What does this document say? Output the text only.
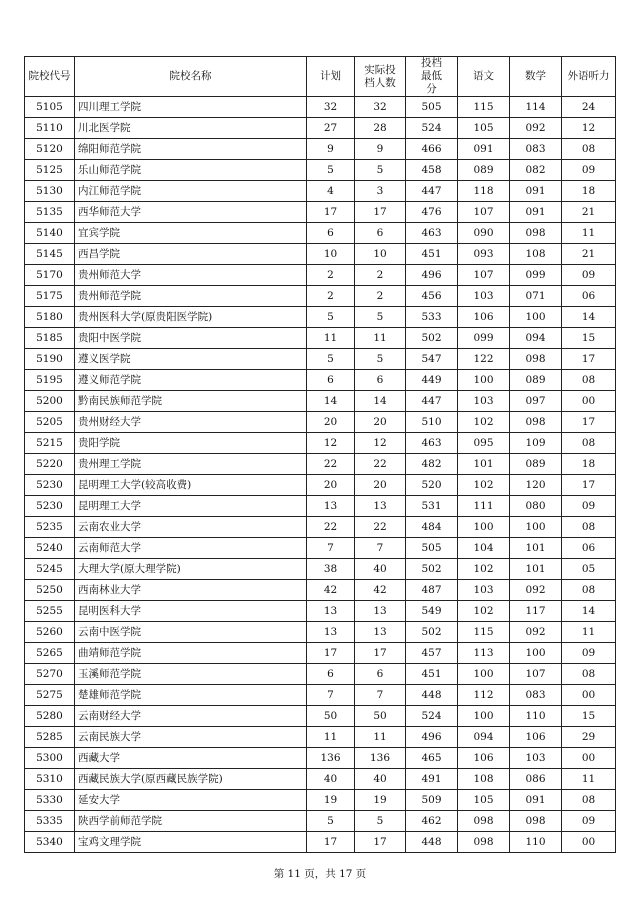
院校代号	院校名称	计划	实际投档人数	投档最低分	语文	数学	外语听力
5105	四川理工学院	32	32	505	115	114	24
5110	川北医学院	27	28	524	105	092	12
5120	绵阳师范学院	9	9	466	091	083	08
5125	乐山师范学院	5	5	458	089	082	09
5130	内江师范学院	4	3	447	118	091	18
5135	西华师范大学	17	17	476	107	091	21
5140	宜宾学院	6	6	463	090	098	11
5145	西昌学院	10	10	451	093	108	21
5170	贵州师范大学	2	2	496	107	099	09
5175	贵州师范学院	2	2	456	103	071	06
5180	贵州医科大学(原贵阳医学院)	5	5	533	106	100	14
5185	贵阳中医学院	11	11	502	099	094	15
5190	遵义医学院	5	5	547	122	098	17
5195	遵义师范学院	6	6	449	100	089	08
5200	黔南民族师范学院	14	14	447	103	097	00
5205	贵州财经大学	20	20	510	102	098	17
5215	贵阳学院	12	12	463	095	109	08
5220	贵州理工学院	22	22	482	101	089	18
5230	昆明理工大学(较高收费)	20	20	520	102	120	17
5230	昆明理工大学	13	13	531	111	080	09
5235	云南农业大学	22	22	484	100	100	08
5240	云南师范大学	7	7	505	104	101	06
5245	大理大学(原大理学院)	38	40	502	102	101	05
5250	西南林业大学	42	42	487	103	092	08
5255	昆明医科大学	13	13	549	102	117	14
5260	云南中医学院	13	13	502	115	092	11
5265	曲靖师范学院	17	17	457	113	100	09
5270	玉溪师范学院	6	6	451	100	107	08
5275	楚雄师范学院	7	7	448	112	083	00
5280	云南财经大学	50	50	524	100	110	15
5285	云南民族大学	11	11	496	094	106	29
5300	西藏大学	136	136	465	106	103	00
5310	西藏民族大学(原西藏民族学院)	40	40	491	108	086	11
5330	延安大学	19	19	509	105	091	08
5335	陕西学前师范学院	5	5	462	098	098	09
5340	宝鸡文理学院	17	17	448	098	110	00
第 11 页，共 17 页
